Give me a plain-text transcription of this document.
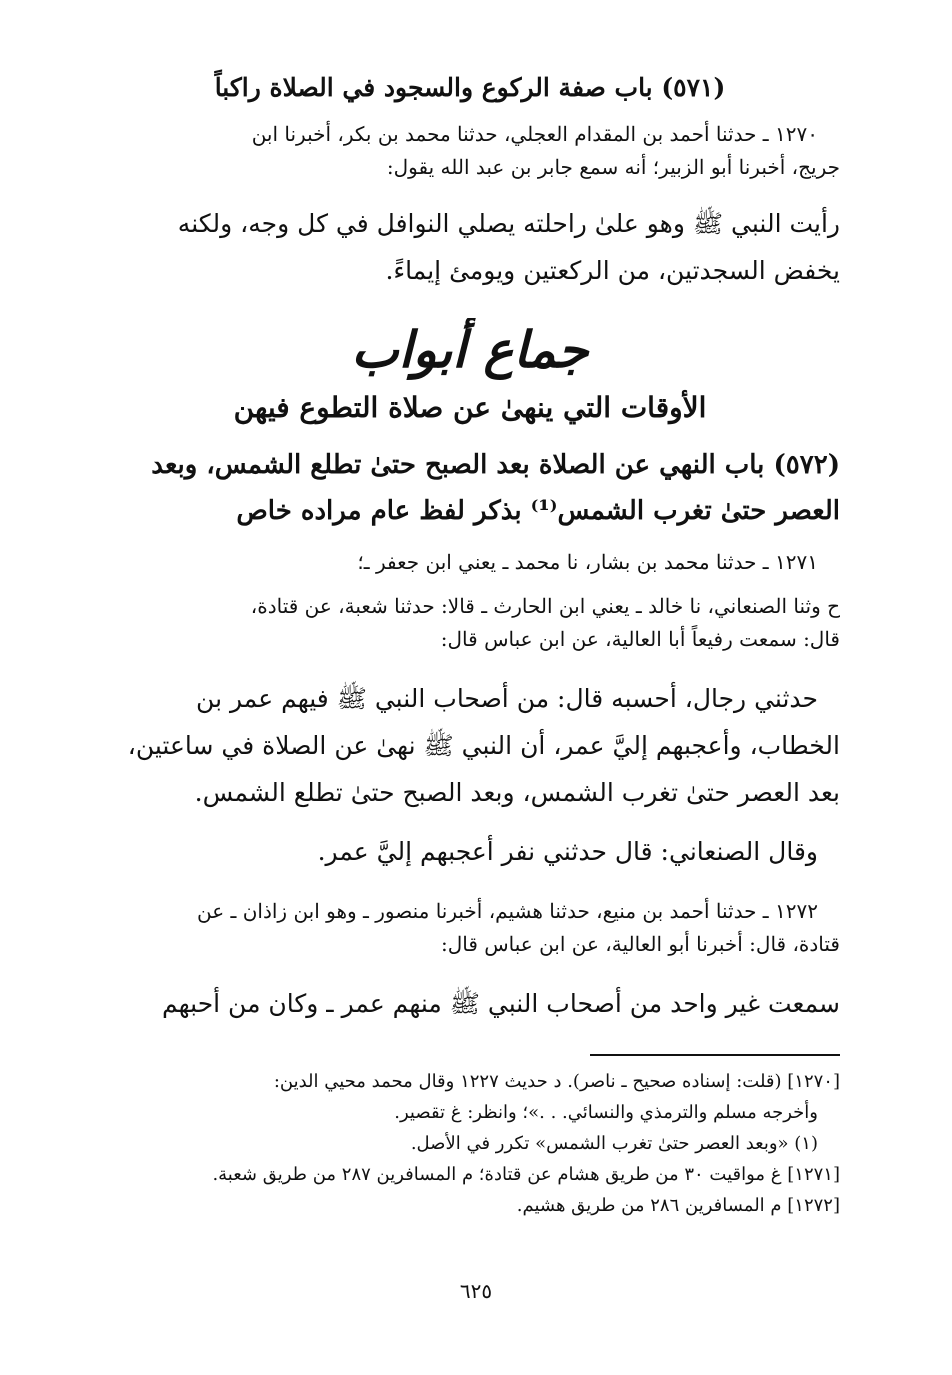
(٥٧١) باب صفة الركوع والسجود في الصلاة راكباً
١٢٧٠ ـ حدثنا أحمد بن المقدام العجلي، حدثنا محمد بن بكر، أخبرنا ابن
جريج، أخبرنا أبو الزبير؛ أنه سمع جابر بن عبد الله يقول:
رأيت النبي ﷺ وهو علىٰ راحلته يصلي النوافل في كل وجه، ولكنه
يخفض السجدتين، من الركعتين ويومئ إيماءً.
جماع أبواب
الأوقات التي ينهىٰ عن صلاة التطوع فيهن
(٥٧٢) باب النهي عن الصلاة بعد الصبح حتىٰ تطلع الشمس، وبعد
العصر حتىٰ تغرب الشمس⁽¹⁾ بذكر لفظ عام مراده خاص
١٢٧١ ـ حدثنا محمد بن بشار، نا محمد ـ يعني ابن جعفر ـ؛
ح وثنا الصنعاني، نا خالد ـ يعني ابن الحارث ـ قالا: حدثنا شعبة، عن قتادة،
قال: سمعت رفيعاً أبا العالية، عن ابن عباس قال:
حدثني رجال، أحسبه قال: من أصحاب النبي ﷺ فيهم عمر بن
الخطاب، وأعجبهم إليَّ عمر، أن النبي ﷺ نهىٰ عن الصلاة في ساعتين،
بعد العصر حتىٰ تغرب الشمس، وبعد الصبح حتىٰ تطلع الشمس.
وقال الصنعاني: قال حدثني نفر أعجبهم إليَّ عمر.
١٢٧٢ ـ حدثنا أحمد بن منيع، حدثنا هشيم، أخبرنا منصور ـ وهو ابن زاذان ـ عن
قتادة، قال: أخبرنا أبو العالية، عن ابن عباس قال:
سمعت غير واحد من أصحاب النبي ﷺ منهم عمر ـ وكان من أحبهم
[١٢٧٠] (قلت: إسناده صحيح ـ ناصر). د حديث ١٢٢٧ وقال محمد محيي الدين:
وأخرجه مسلم والترمذي والنسائي. . .»؛ وانظر: غ تقصير.
(١) «وبعد العصر حتىٰ تغرب الشمس» تكرر في الأصل.
[١٢٧١] غ مواقيت ٣٠ من طريق هشام عن قتادة؛ م المسافرين ٢٨٧ من طريق شعبة.
[١٢٧٢] م المسافرين ٢٨٦ من طريق هشيم.
٦٢٥
